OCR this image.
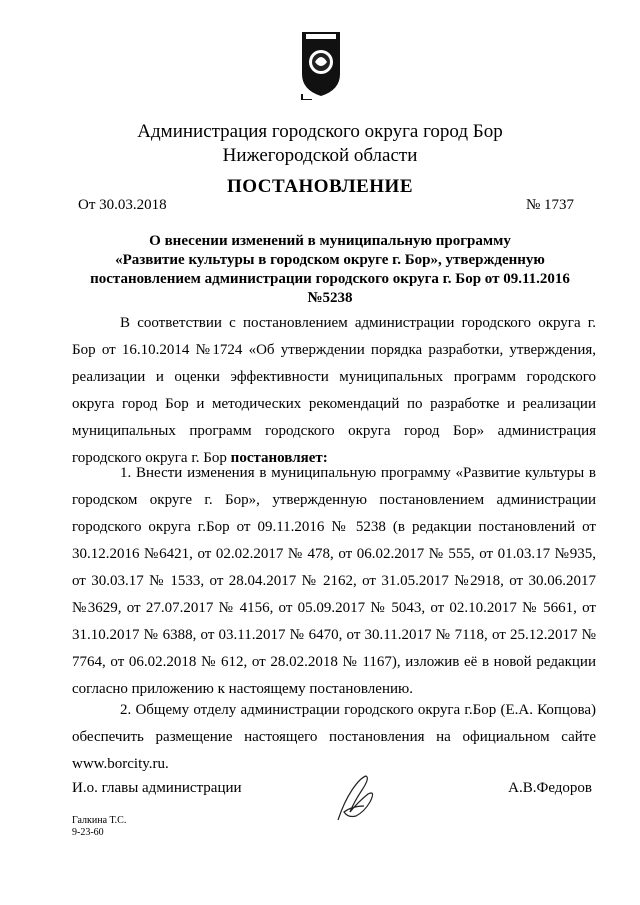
Администрация городского округа город Бор
Нижегородской области
ПОСТАНОВЛЕНИЕ
От 30.03.2018	№ 1737
О внесении изменений в муниципальную программу
«Развитие культуры в городском округе г. Бор», утвержденную
постановлением администрации городского округа г. Бор от 09.11.2016
№5238

В соответствии с постановлением администрации городского округа г. Бор от 16.10.2014 №1724 «Об утверждении порядка разработки, утверждения, реализации и оценки эффективности муниципальных программ городского округа город Бор и методических рекомендаций по разработке и реализации муниципальных программ городского округа город Бор» администрация городского округа г. Бор постановляет:

1. Внести изменения в муниципальную программу «Развитие культуры в городском округе г. Бор», утвержденную постановлением администрации городского округа г.Бор от 09.11.2016 № 5238 (в редакции постановлений от 30.12.2016 №6421, от 02.02.2017 № 478, от 06.02.2017 № 555, от 01.03.17 №935, от 30.03.17 № 1533, от 28.04.2017 № 2162, от 31.05.2017 №2918, от 30.06.2017 №3629, от 27.07.2017 № 4156, от 05.09.2017 № 5043, от 02.10.2017 № 5661, от 31.10.2017 № 6388, от 03.11.2017 № 6470, от 30.11.2017 № 7118, от 25.12.2017 № 7764, от 06.02.2018 № 612, от 28.02.2018 № 1167), изложив её в новой редакции согласно приложению к настоящему постановлению.

2. Общему отделу администрации городского округа г.Бор (Е.А. Копцова) обеспечить размещение настоящего постановления на официальном сайте www.borcity.ru.

И.о. главы администрации	А.В.Федоров
Галкина Т.С.
9-23-60
